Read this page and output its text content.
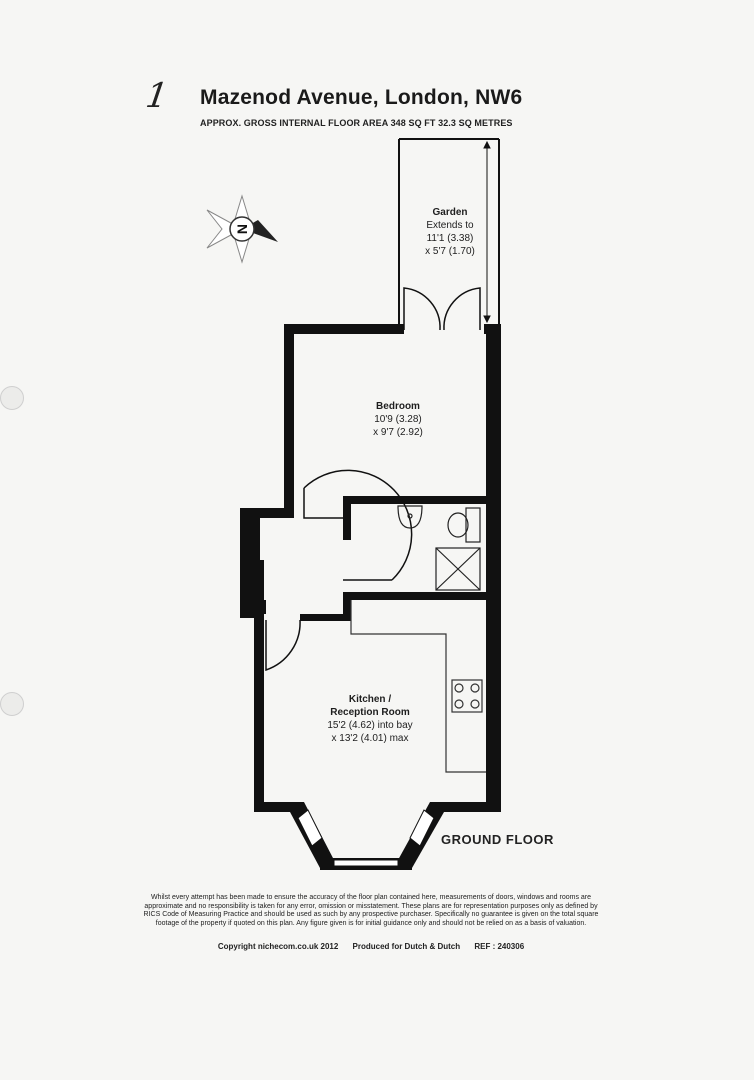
1 Mazenod Avenue, London, NW6
APPROX. GROSS INTERNAL FLOOR AREA 348 SQ FT 32.3 SQ METRES
N
Garden
Extends to
11'1 (3.38)
x 5'7 (1.70)
Bedroom
10'9 (3.28)
x 9'7 (2.92)
Kitchen /
Reception Room
15'2 (4.62) into bay
x 13'2 (4.01) max
GROUND FLOOR
Whilst every attempt has been made to ensure the accuracy of the floor plan contained here, measurements of doors, windows and rooms are approximate and no responsibility is taken for any error, omission or misstatement. These plans are for representation purposes only as defined by RICS Code of Measuring Practice and should be used as such by any prospective purchaser. Specifically no guarantee is given on the total square footage of the property if quoted on this plan. Any figure given is for initial guidance only and should not be relied on as a basis of valuation.
Copyright nichecom.co.uk 2012 Produced for Dutch & Dutch REF : 240306
